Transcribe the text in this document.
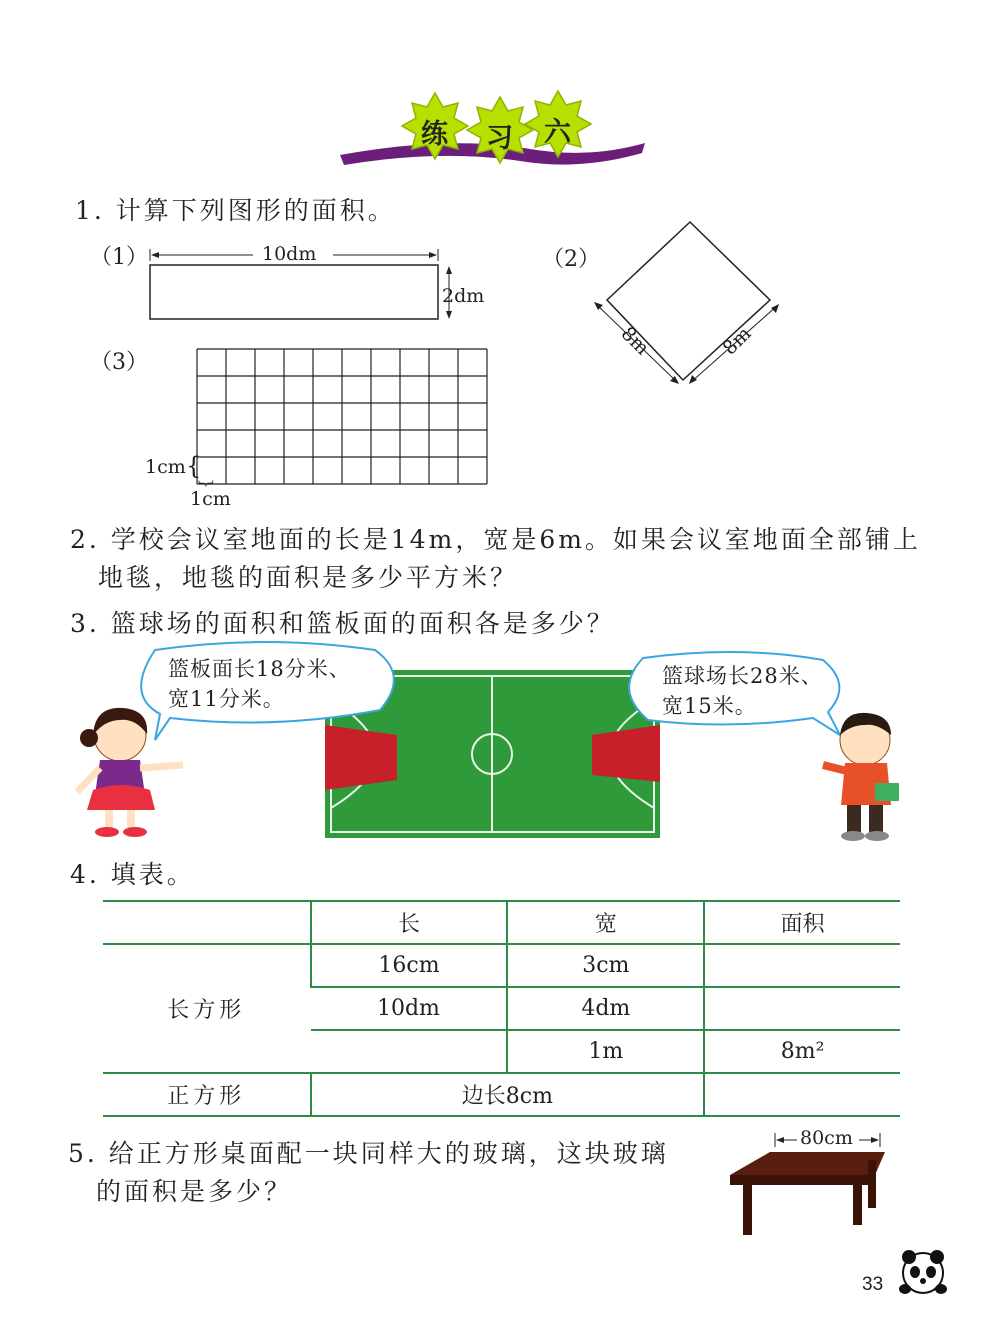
练 习 六
1. 计算下列图形的面积。
（1）	10dm
2dm
（2）
8m	8m
（3）
1cm {
{
1cm
2. 学校会议室地面的长是14m，宽是6m。如果会议室地面全部铺上
地毯，地毯的面积是多少平方米？
3. 篮球场的面积和篮板面的面积各是多少？
篮板面长18分米、
宽11分米。
篮球场长28米、
宽15米。
4. 填表。
	长	宽	面积
长方形	16cm	3cm	
	10dm	4dm	
		1m	8m²
正方形	边长8cm		
5. 给正方形桌面配一块同样大的玻璃，这块玻璃
的面积是多少？
80cm
33
